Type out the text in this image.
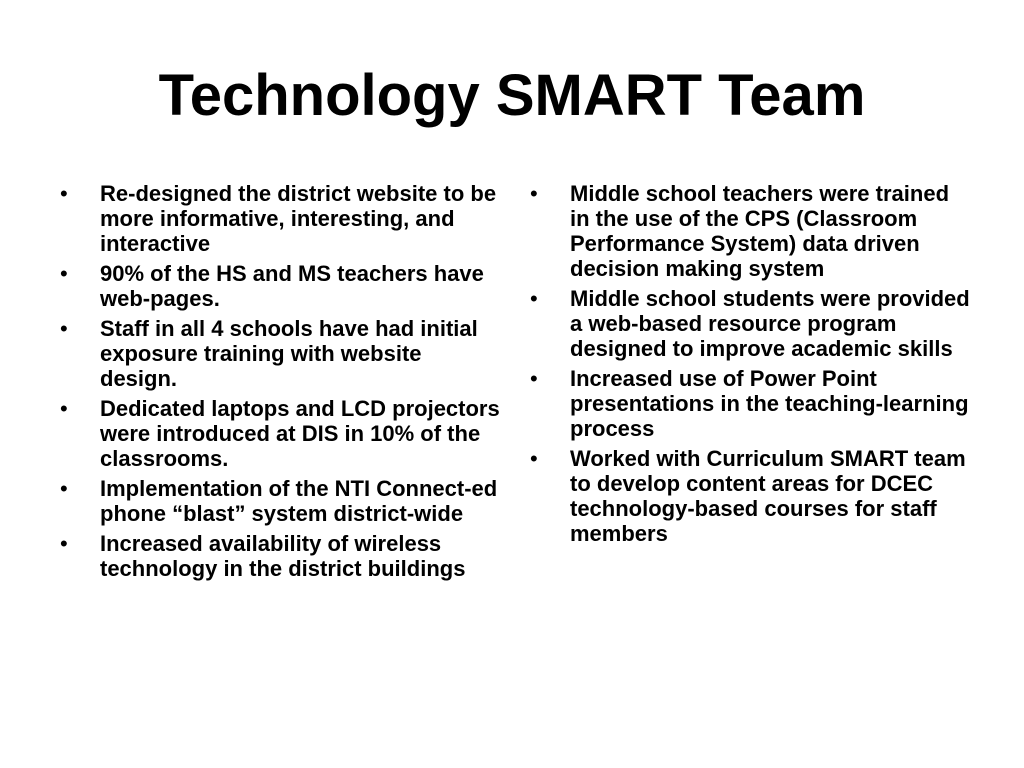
Technology SMART Team
•	Re-designed the district website to be more informative, interesting, and interactive
•	90% of the HS and MS teachers have web-pages.
•	Staff in all 4 schools have had initial exposure training with website design.
•	Dedicated laptops and LCD projectors were introduced at DIS in 10% of the classrooms.
•	Implementation of the NTI Connect-ed phone “blast” system district-wide
•	Increased availability of wireless technology in the district buildings
•	Middle school teachers were trained in the use of the CPS (Classroom Performance System) data driven decision making system
•	Middle school students were provided a web-based resource program designed to improve academic skills
•	Increased use of Power Point presentations in the teaching-learning process
•	Worked with Curriculum SMART team to develop content areas for DCEC technology-based courses for staff members
